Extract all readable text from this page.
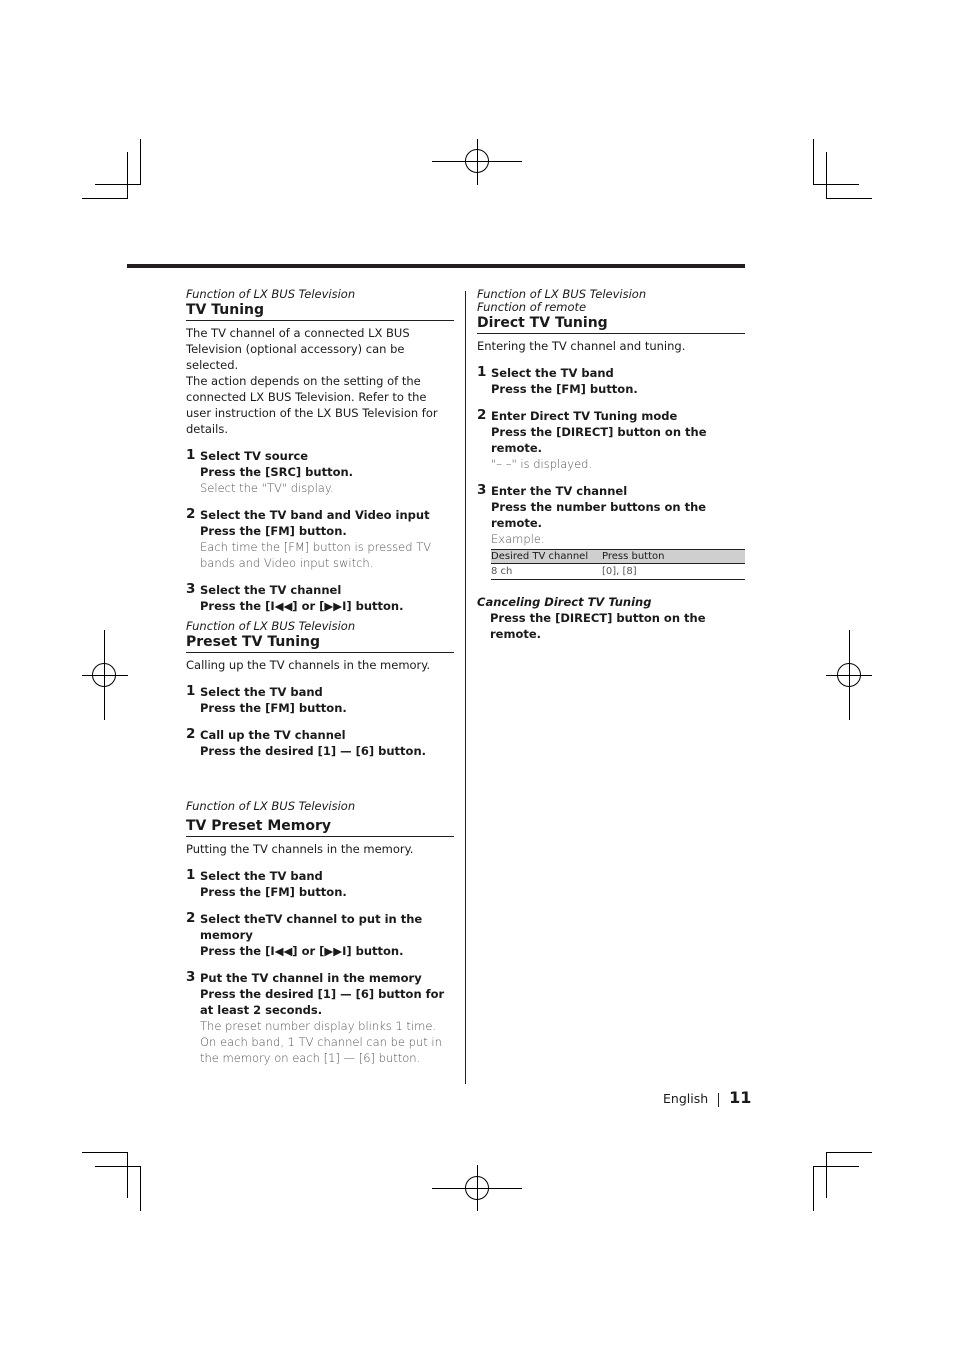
Function of LX BUS Television
TV Tuning
The TV channel of a connected LX BUS Television (optional accessory) can be selected.
The action depends on the setting of the connected LX BUS Television. Refer to the user instruction of the LX BUS Television for details.
1 Select TV source
Press the [SRC] button.
Select the "TV" display.
2 Select the TV band and Video input
Press the [FM] button.
Each time the [FM] button is pressed TV bands and Video input switch.
3 Select the TV channel
Press the [I◀◀] or [▶▶I] button.
Function of LX BUS Television
Preset TV Tuning
Calling up the TV channels in the memory.
1 Select the TV band
Press the [FM] button.
2 Call up the TV channel
Press the desired [1] — [6] button.
Function of LX BUS Television
TV Preset Memory
Putting the TV channels in the memory.
1 Select the TV band
Press the [FM] button.
2 Select theTV channel to put in the memory
Press the [I◀◀] or [▶▶I] button.
3 Put the TV channel in the memory
Press the desired [1] — [6] button for at least 2 seconds.
The preset number display blinks 1 time.
On each band, 1 TV channel can be put in the memory on each [1] — [6] button.
Function of LX BUS Television
Function of remote
Direct TV Tuning
Entering the TV channel and tuning.
1 Select the TV band
Press the [FM] button.
2 Enter Direct TV Tuning mode
Press the [DIRECT] button on the remote.
"– –" is displayed.
3 Enter the TV channel
Press the number buttons on the remote.
Example:
Desired TV channel	Press button
8 ch	[0], [8]
Canceling Direct TV Tuning
Press the [DIRECT] button on the remote.
English 11
